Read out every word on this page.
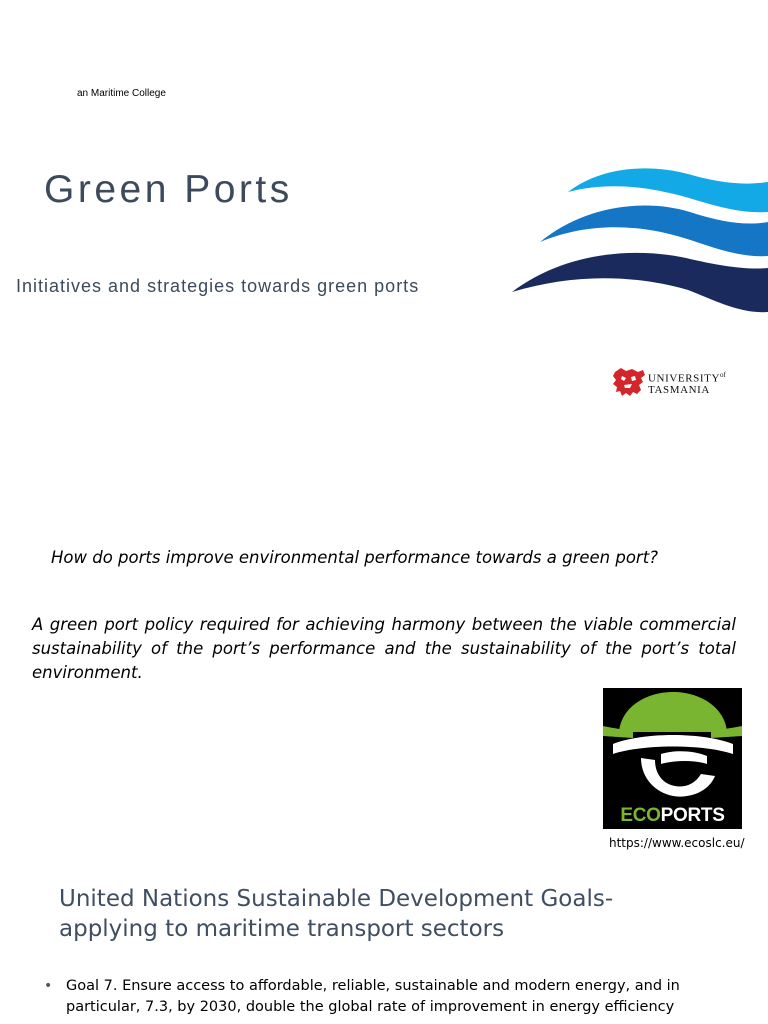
an Maritime College
Green Ports
Initiatives and strategies towards green ports
$UNIVERSITY^{of}$
TASMANIA
How do ports improve environmental performance towards a green port?

A green port policy required for achieving harmony between the viable commercial sustainability of the port’s performance and the sustainability of the port’s total environment.

ECOPORTS
https://www.ecoslc.eu/
United Nations Sustainable Development Goals-applying to maritime transport sectors
• Goal 7. Ensure access to affordable, reliable, sustainable and modern energy, and in particular, 7.3, by 2030, double the global rate of improvement in energy efficiency
